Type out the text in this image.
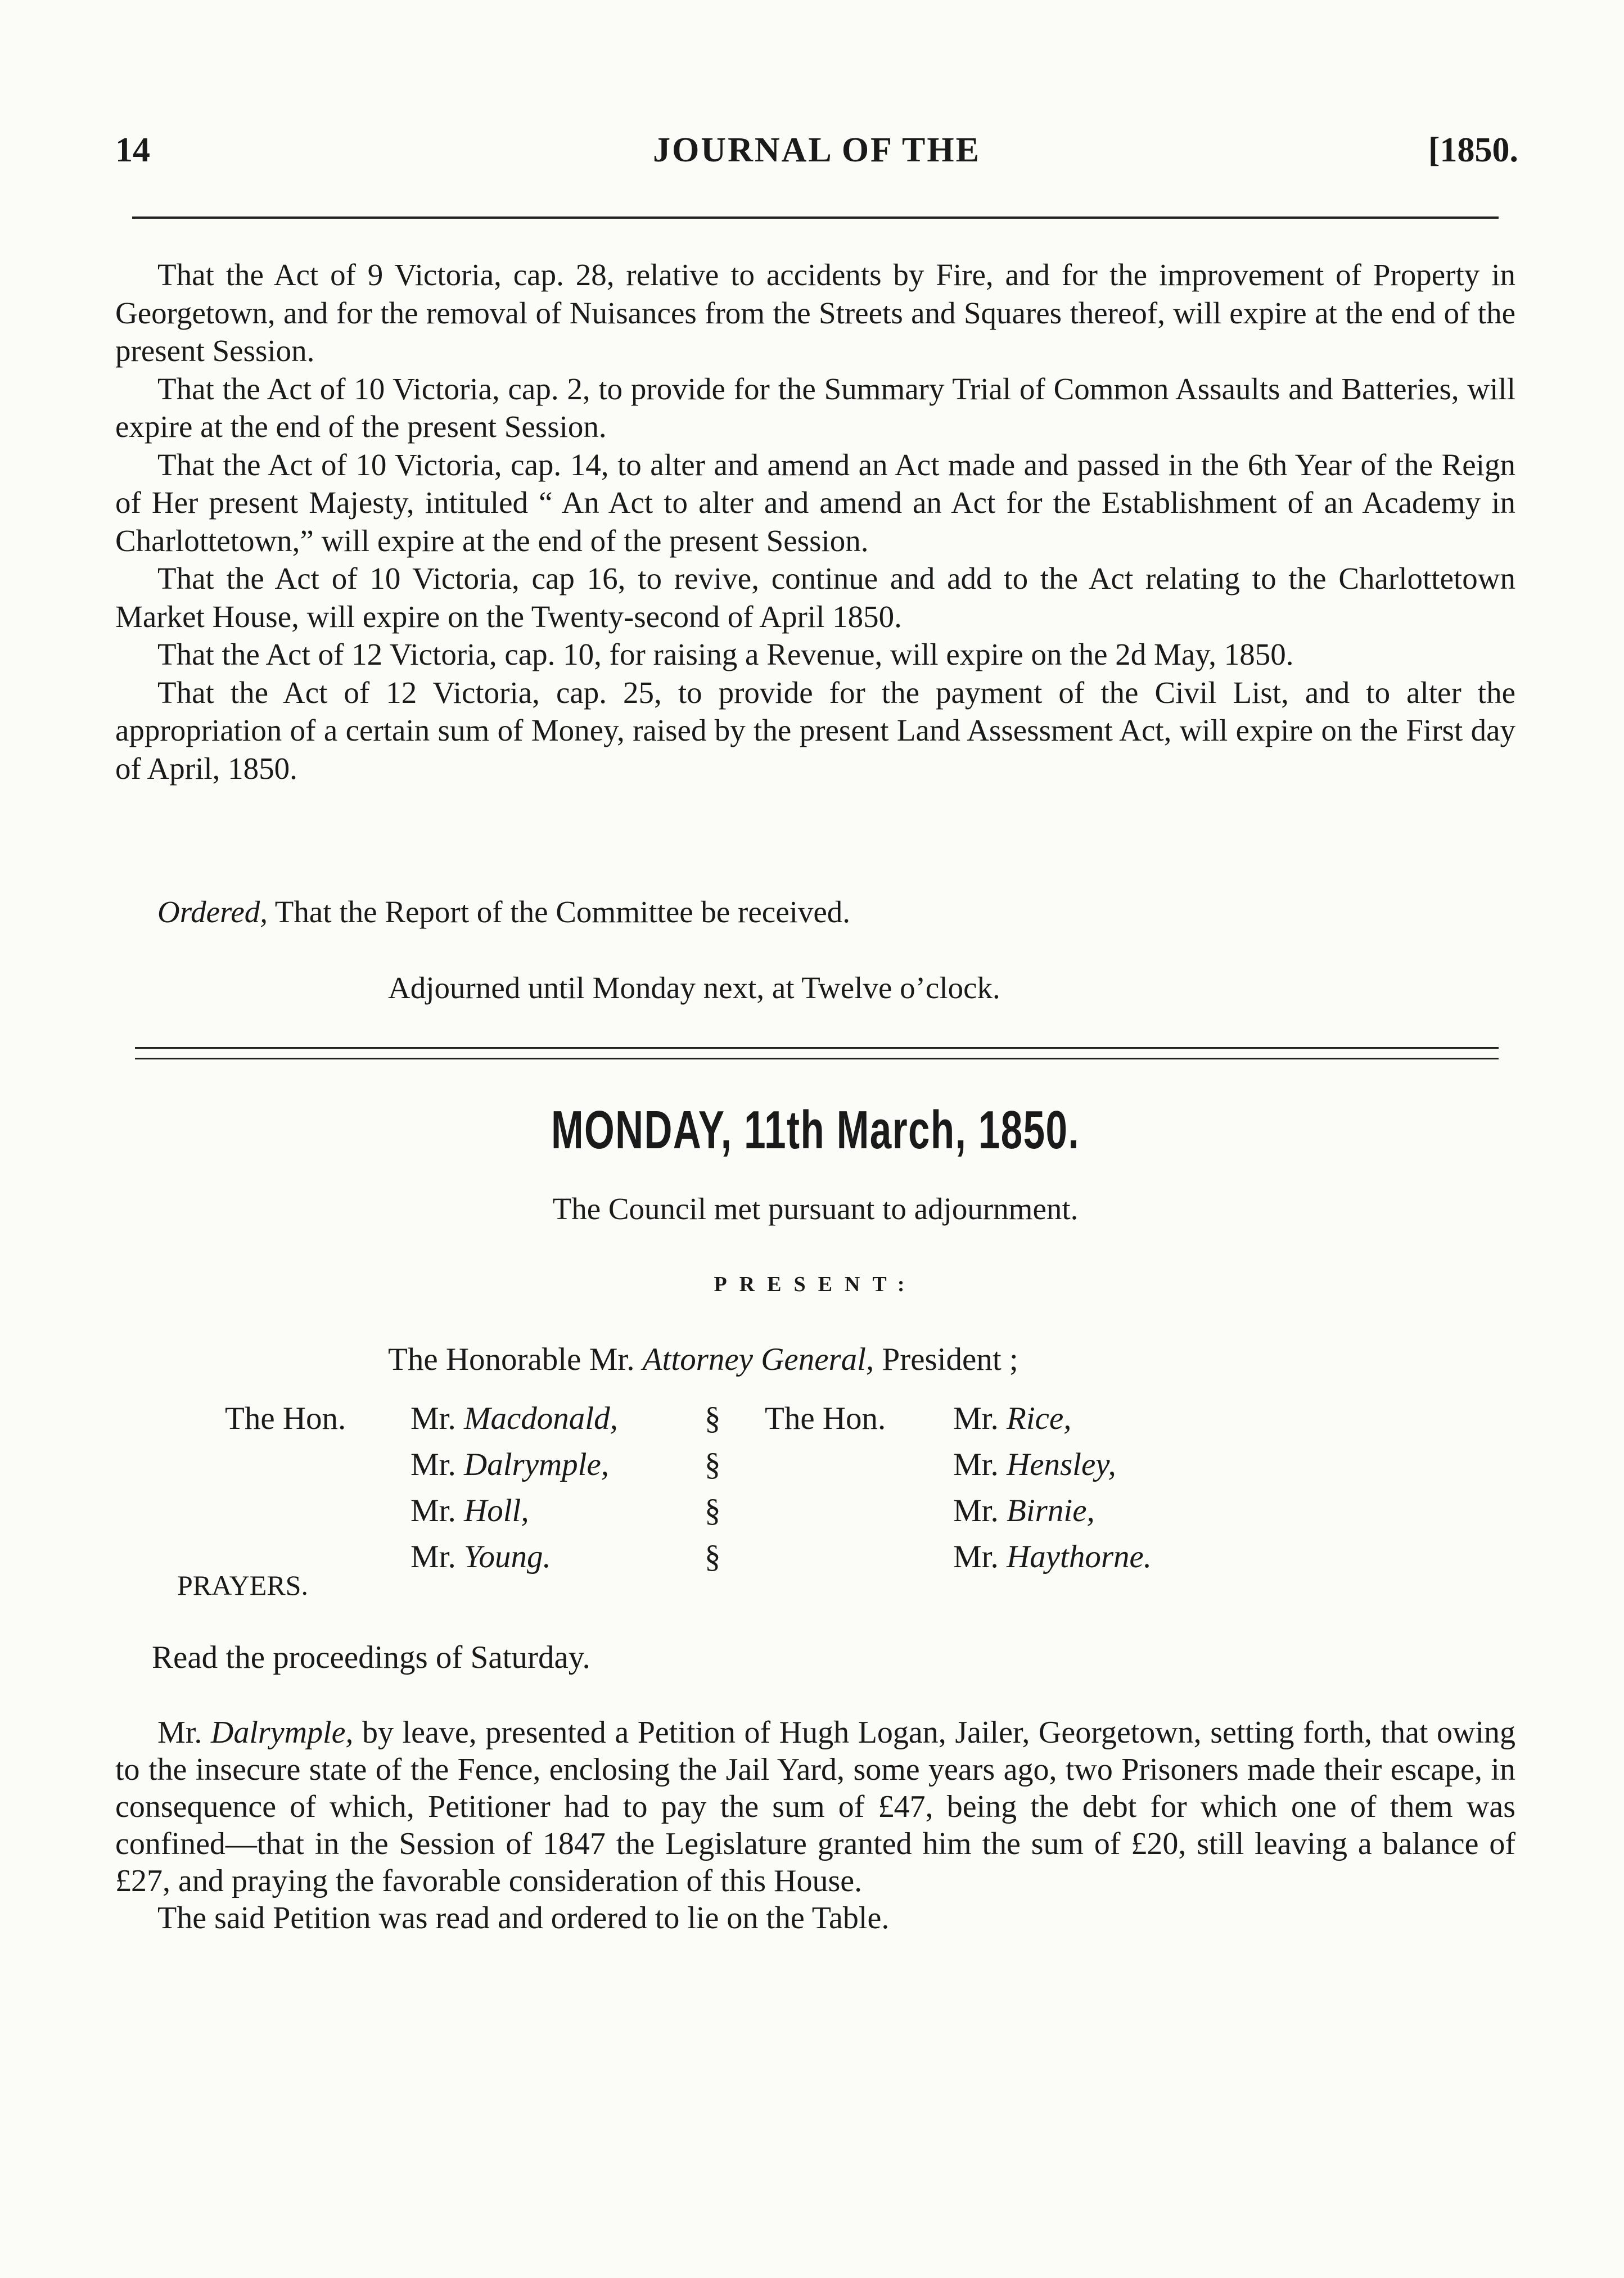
14	JOURNAL OF THE	[1850.

That the Act of 9 Victoria, cap. 28, relative to accidents by Fire, and for the improvement of Property in Georgetown, and for the removal of Nuisances from the Streets and Squares thereof, will expire at the end of the present Session.

That the Act of 10 Victoria, cap. 2, to provide for the Summary Trial of Common Assaults and Batteries, will expire at the end of the present Session.

That the Act of 10 Victoria, cap. 14, to alter and amend an Act made and passed in the 6th Year of the Reign of Her present Majesty, intituled “ An Act to alter and amend an Act for the Establishment of an Academy in Charlottetown,” will expire at the end of the present Session.

That the Act of 10 Victoria, cap 16, to revive, continue and add to the Act relating to the Charlottetown Market House, will expire on the Twenty-second of April 1850.

That the Act of 12 Victoria, cap. 10, for raising a Revenue, will expire on the 2d May, 1850.

That the Act of 12 Victoria, cap. 25, to provide for the payment of the Civil List, and to alter the appropriation of a certain sum of Money, raised by the present Land Assessment Act, will expire on the First day of April, 1850.

Ordered, That the Report of the Committee be received.
Adjourned until Monday next, at Twelve o’clock.
MONDAY, 11th March, 1850.
The Council met pursuant to adjournment.
PRESENT:
The Honorable Mr. Attorney General, President ;
The Hon. Mr. Macdonald,
Mr. Dalrymple,
Mr. Holl,
Mr. Young.
§
§
§
§
The Hon. Mr. Rice,
Mr. Hensley,
Mr. Birnie,
Mr. Haythorne.
PRAYERS.
Read the proceedings of Saturday.

Mr. Dalrymple, by leave, presented a Petition of Hugh Logan, Jailer, Georgetown, setting forth, that owing to the insecure state of the Fence, enclosing the Jail Yard, some years ago, two Prisoners made their escape, in consequence of which, Petitioner had to pay the sum of £47, being the debt for which one of them was confined—that in the Session of 1847 the Legislature granted him the sum of £20, still leaving a balance of £27, and praying the favorable consideration of this House.

The said Petition was read and ordered to lie on the Table.
